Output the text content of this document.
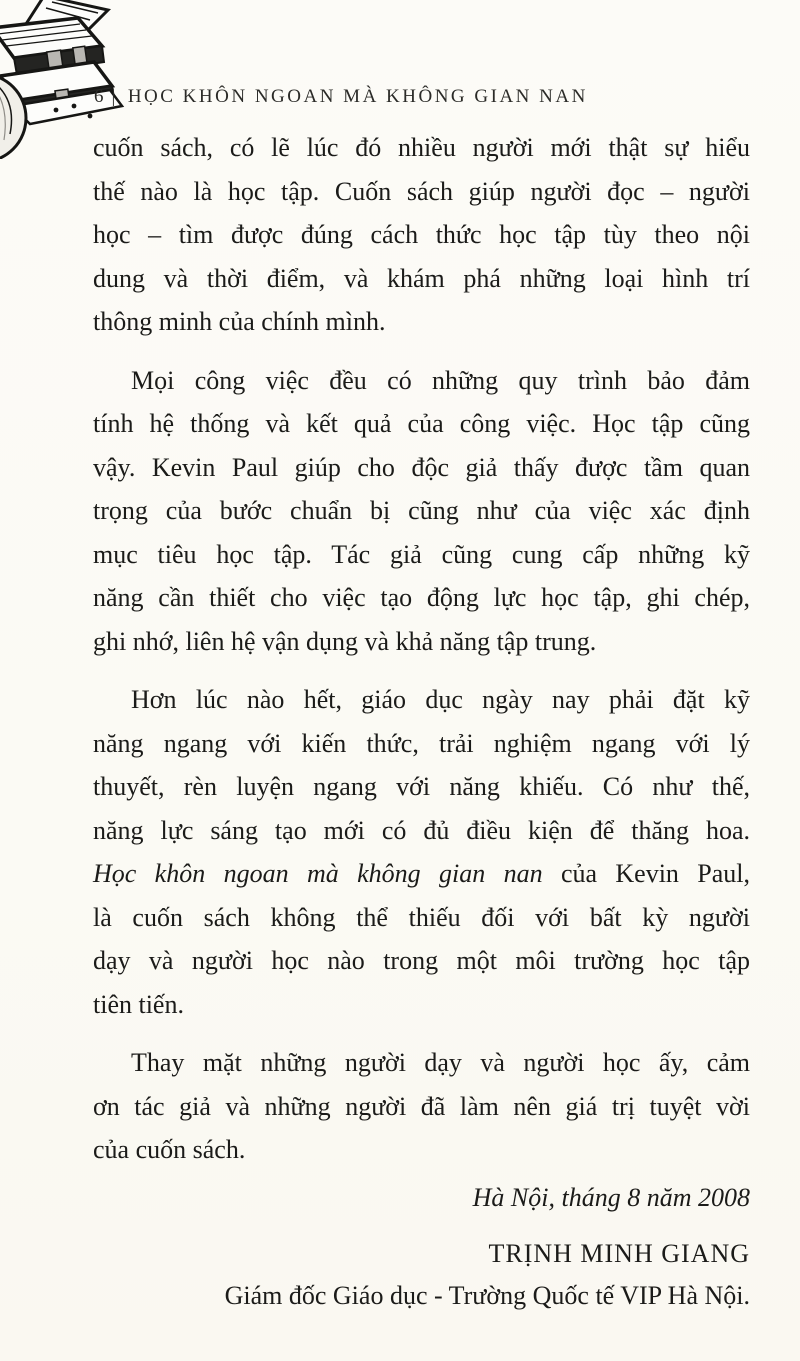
6 | HỌC KHÔN NGOAN MÀ KHÔNG GIAN NAN
cuốn sách, có lẽ lúc đó nhiều người mới thật sự hiểu
thế nào là học tập. Cuốn sách giúp người đọc – người
học – tìm được đúng cách thức học tập tùy theo nội
dung và thời điểm, và khám phá những loại hình trí
thông minh của chính mình.
Mọi công việc đều có những quy trình bảo đảm
tính hệ thống và kết quả của công việc. Học tập cũng
vậy. Kevin Paul giúp cho độc giả thấy được tầm quan
trọng của bước chuẩn bị cũng như của việc xác định
mục tiêu học tập. Tác giả cũng cung cấp những kỹ
năng cần thiết cho việc tạo động lực học tập, ghi chép,
ghi nhớ, liên hệ vận dụng và khả năng tập trung.
Hơn lúc nào hết, giáo dục ngày nay phải đặt kỹ
năng ngang với kiến thức, trải nghiệm ngang với lý
thuyết, rèn luyện ngang với năng khiếu. Có như thế,
năng lực sáng tạo mới có đủ điều kiện để thăng hoa.
Học khôn ngoan mà không gian nan của Kevin Paul,
là cuốn sách không thể thiếu đối với bất kỳ người
dạy và người học nào trong một môi trường học tập
tiên tiến.
Thay mặt những người dạy và người học ấy, cảm
ơn tác giả và những người đã làm nên giá trị tuyệt vời
của cuốn sách.
Hà Nội, tháng 8 năm 2008
TRỊNH MINH GIANG
Giám đốc Giáo dục - Trường Quốc tế VIP Hà Nội.
